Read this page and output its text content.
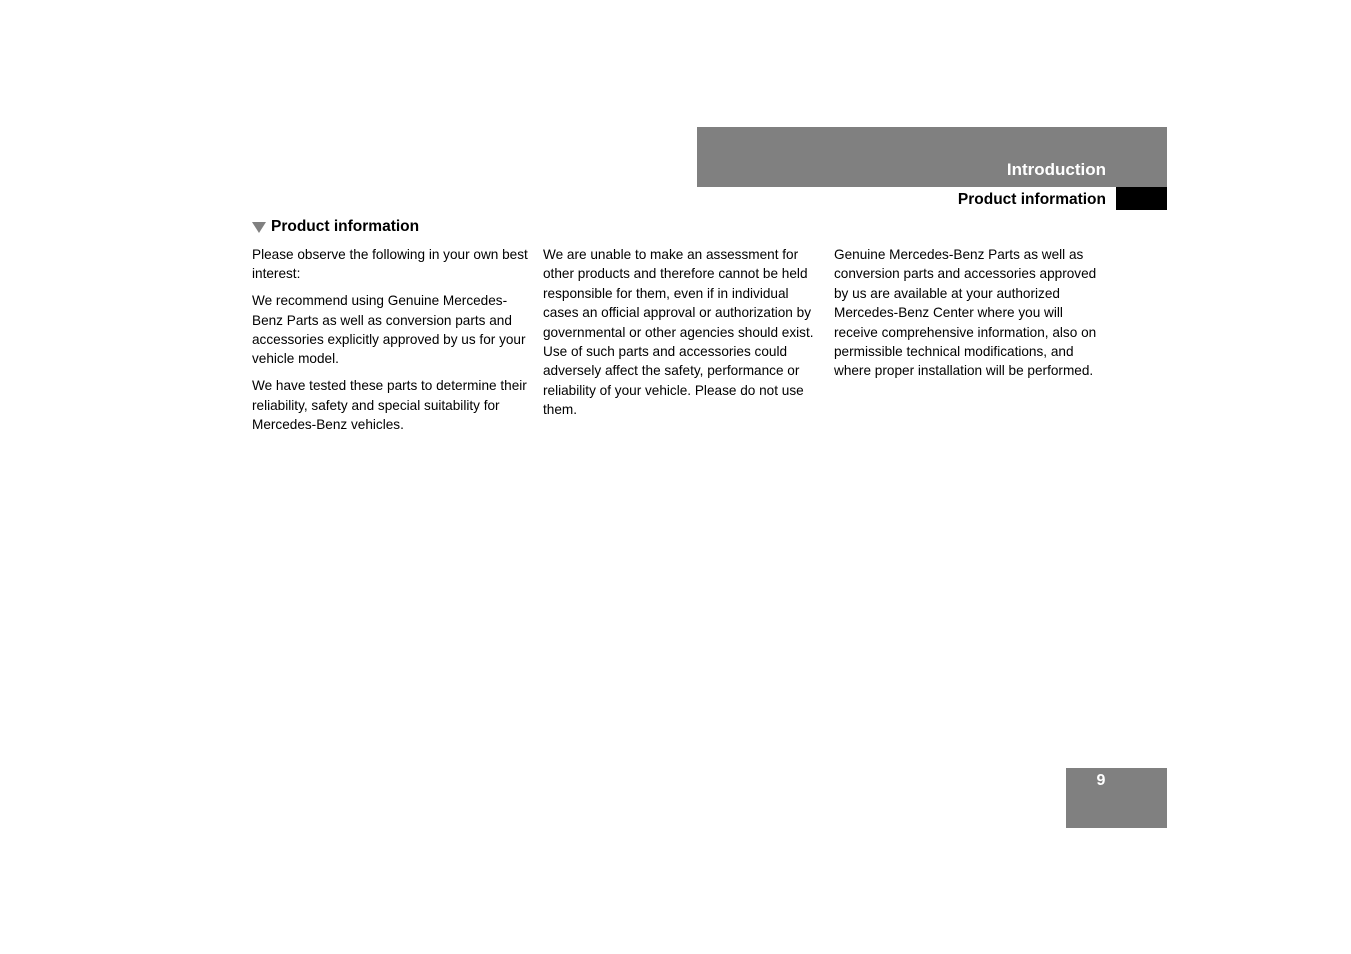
Introduction
Product information
Product information

Please observe the following in your own best interest:

We recommend using Genuine Mercedes-Benz Parts as well as conversion parts and accessories explicitly approved by us for your vehicle model.

We have tested these parts to determine their reliability, safety and special suitability for Mercedes-Benz vehicles.

We are unable to make an assessment for other products and therefore cannot be held responsible for them, even if in individual cases an official approval or authorization by governmental or other agencies should exist. Use of such parts and accessories could adversely affect the safety, performance or reliability of your vehicle. Please do not use them.

Genuine Mercedes-Benz Parts as well as conversion parts and accessories approved by us are available at your authorized Mercedes-Benz Center where you will receive comprehensive information, also on permissible technical modifications, and where proper installation will be performed.

9
